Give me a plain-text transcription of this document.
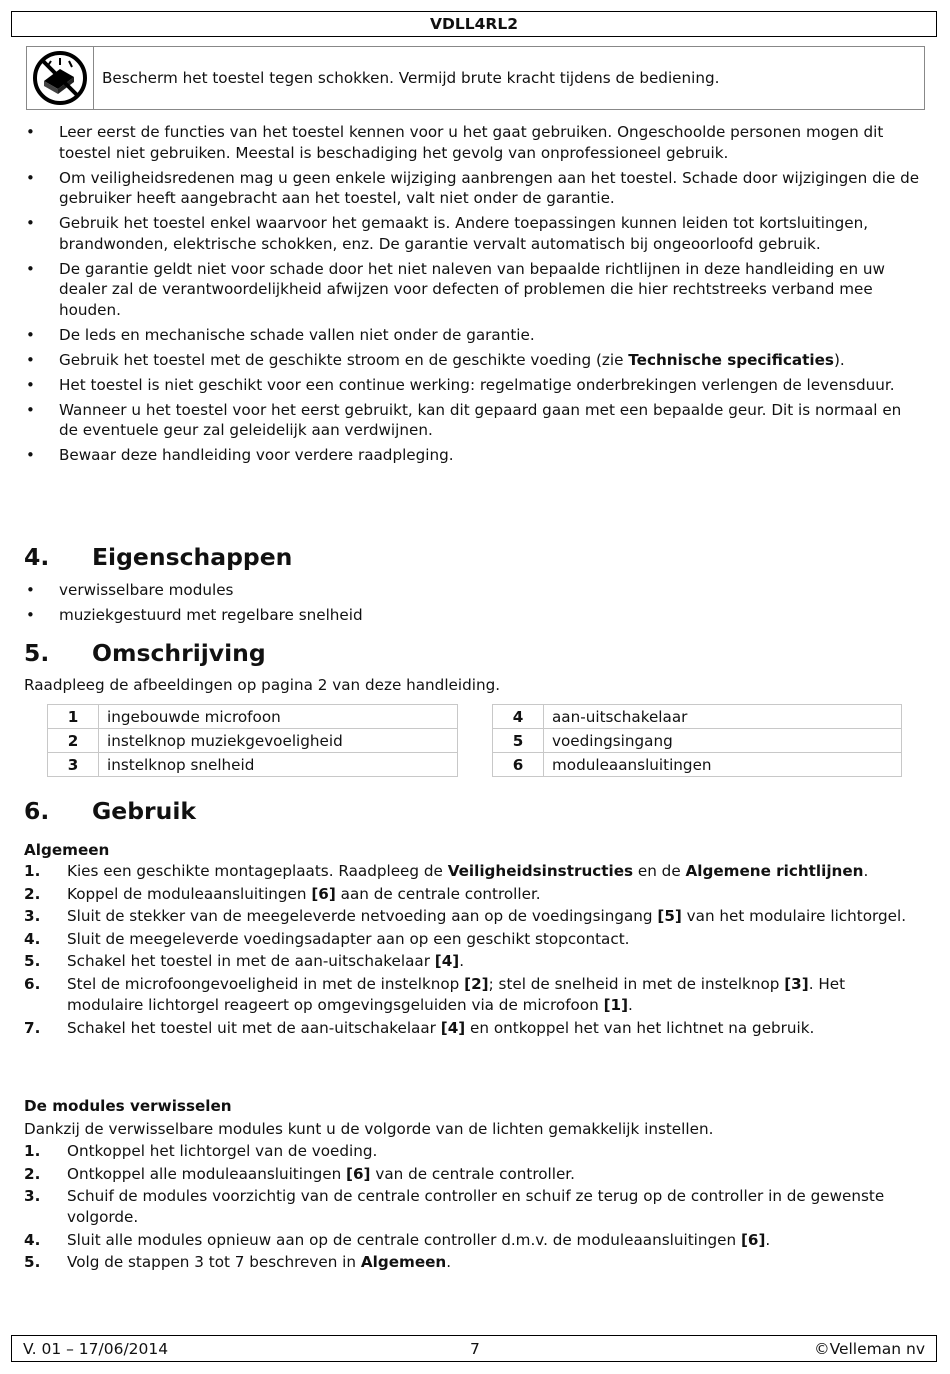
VDLL4RL2
Bescherm het toestel tegen schokken. Vermijd brute kracht tijdens de bediening.
• Leer eerst de functies van het toestel kennen voor u het gaat gebruiken. Ongeschoolde personen mogen dit toestel niet gebruiken. Meestal is beschadiging het gevolg van onprofessioneel gebruik.
• Om veiligheidsredenen mag u geen enkele wijziging aanbrengen aan het toestel. Schade door wijzigingen die de gebruiker heeft aangebracht aan het toestel, valt niet onder de garantie.
• Gebruik het toestel enkel waarvoor het gemaakt is. Andere toepassingen kunnen leiden tot kortsluitingen, brandwonden, elektrische schokken, enz. De garantie vervalt automatisch bij ongeoorloofd gebruik.
• De garantie geldt niet voor schade door het niet naleven van bepaalde richtlijnen in deze handleiding en uw dealer zal de verantwoordelijkheid afwijzen voor defecten of problemen die hier rechtstreeks verband mee houden.
• De leds en mechanische schade vallen niet onder de garantie.
• Gebruik het toestel met de geschikte stroom en de geschikte voeding (zie Technische specificaties).
• Het toestel is niet geschikt voor een continue werking: regelmatige onderbrekingen verlengen de levensduur.
• Wanneer u het toestel voor het eerst gebruikt, kan dit gepaard gaan met een bepaalde geur. Dit is normaal en de eventuele geur zal geleidelijk aan verdwijnen.
• Bewaar deze handleiding voor verdere raadpleging.
4. Eigenschappen
• verwisselbare modules
• muziekgestuurd met regelbare snelheid
5. Omschrijving
Raadpleeg de afbeeldingen op pagina 2 van deze handleiding.
1	ingebouwde microfoon
2	instelknop muziekgevoeligheid
3	instelknop snelheid
4	aan-uitschakelaar
5	voedingsingang
6	moduleaansluitingen
6. Gebruik
Algemeen
1. Kies een geschikte montageplaats. Raadpleeg de Veiligheidsinstructies en de Algemene richtlijnen.
2. Koppel de moduleaansluitingen [6] aan de centrale controller.
3. Sluit de stekker van de meegeleverde netvoeding aan op de voedingsingang [5] van het modulaire lichtorgel.
4. Sluit de meegeleverde voedingsadapter aan op een geschikt stopcontact.
5. Schakel het toestel in met de aan-uitschakelaar [4].
6. Stel de microfoongevoeligheid in met de instelknop [2]; stel de snelheid in met de instelknop [3]. Het modulaire lichtorgel reageert op omgevingsgeluiden via de microfoon [1].
7. Schakel het toestel uit met de aan-uitschakelaar [4] en ontkoppel het van het lichtnet na gebruik.
De modules verwisselen
Dankzij de verwisselbare modules kunt u de volgorde van de lichten gemakkelijk instellen.
1. Ontkoppel het lichtorgel van de voeding.
2. Ontkoppel alle moduleaansluitingen [6] van de centrale controller.
3. Schuif de modules voorzichtig van de centrale controller en schuif ze terug op de controller in de gewenste volgorde.
4. Sluit alle modules opnieuw aan op de centrale controller d.m.v. de moduleaansluitingen [6].
5. Volg de stappen 3 tot 7 beschreven in Algemeen.
V. 01 – 17/06/2014	7	©Velleman nv
